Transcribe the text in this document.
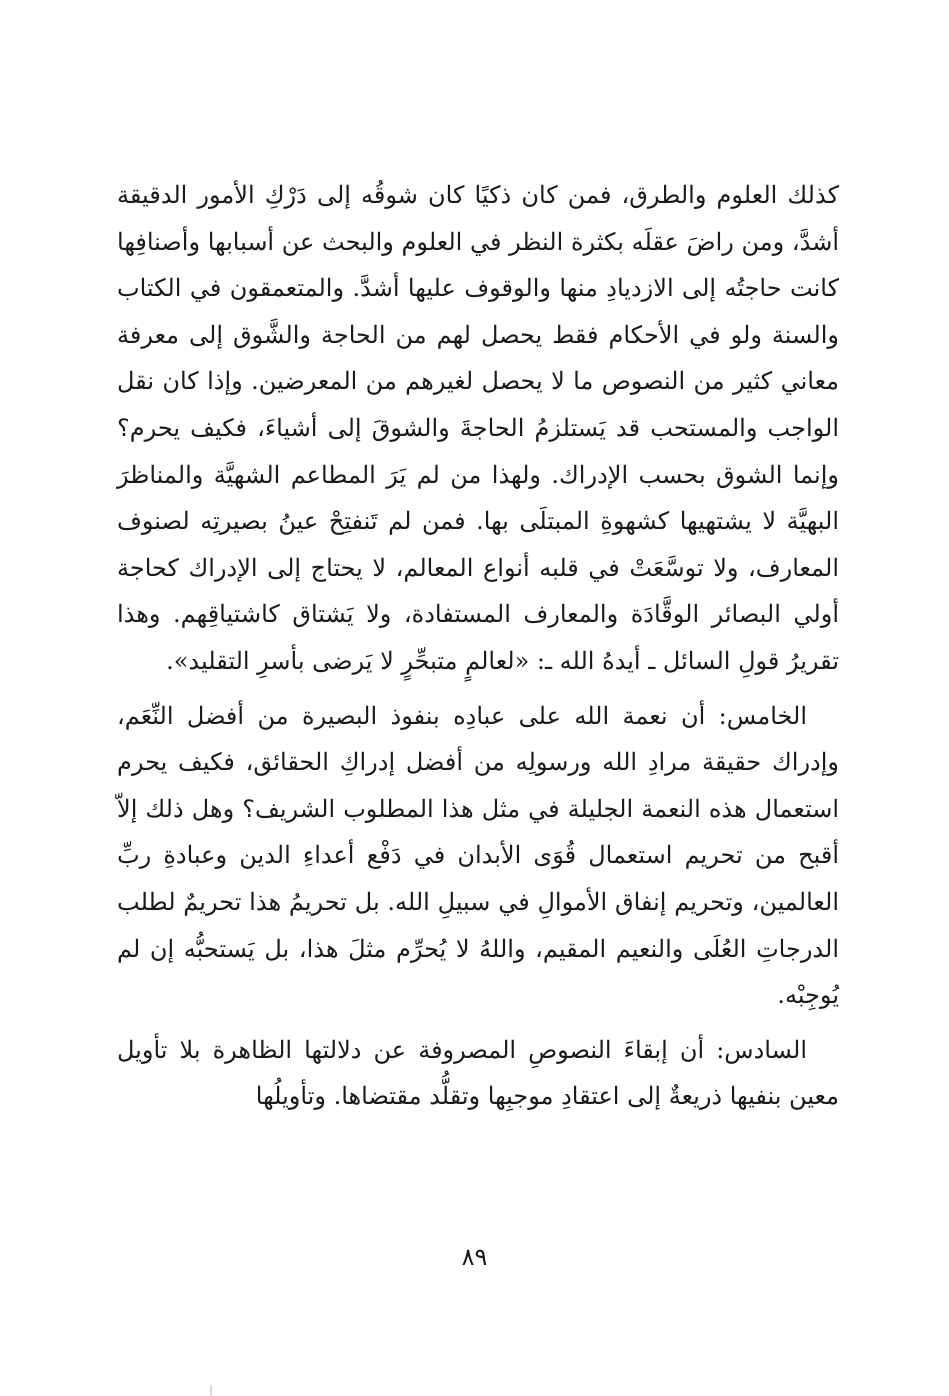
كذلك العلوم والطرق، فمن كان ذكيًا كان شوقُه إلى دَرْكِ الأمور الدقيقة أشدَّ، ومن راضَ عقلَه بكثرة النظر في العلوم والبحث عن أسبابها وأصنافِها كانت حاجتُه إلى الازديادِ منها والوقوف عليها أشدَّ. والمتعمقون في الكتاب والسنة ولو في الأحكام فقط يحصل لهم من الحاجة والشَّوق إلى معرفة معاني كثير من النصوص ما لا يحصل لغيرهم من المعرضين. وإذا كان نقل الواجب والمستحب قد يَستلزمُ الحاجةَ والشوقَ إلى أشياءَ، فكيف يحرم؟ وإنما الشوق بحسب الإدراك. ولهذا من لم يَرَ المطاعم الشهيَّة والمناظرَ البهيَّة لا يشتهيها كشهوةِ المبتلَى بها. فمن لم تَنفتِحْ عينُ بصيرتِه لصنوف المعارف، ولا توسَّعَتْ في قلبه أنواع المعالم، لا يحتاج إلى الإدراك كحاجة أولي البصائر الوقَّادَة والمعارف المستفادة، ولا يَشتاق كاشتياقِهم. وهذا تقريرُ قولِ السائل ـ أيدهُ الله ـ: «لعالمٍ متبحِّرٍ لا يَرضى بأسرِ التقليد».

الخامس: أن نعمة الله على عبادِه بنفوذ البصيرة من أفضل النِّعَم، وإدراك حقيقة مرادِ الله ورسولِه من أفضل إدراكِ الحقائق، فكيف يحرم استعمال هذه النعمة الجليلة في مثل هذا المطلوب الشريف؟ وهل ذلك إلاّ أقبح من تحريم استعمال قُوَى الأبدان في دَفْع أعداءِ الدين وعبادةِ ربِّ العالمين، وتحريم إنفاق الأموالِ في سبيلِ الله. بل تحريمُ هذا تحريمٌ لطلب الدرجاتِ العُلَى والنعيم المقيم، واللهُ لا يُحرِّم مثلَ هذا، بل يَستحبُّه إن لم يُوجِبْه.

السادس: أن إبقاءَ النصوصِ المصروفة عن دلالتها الظاهرة بلا تأويل معين بنفيها ذريعةٌ إلى اعتقادِ موجبِها وتقلُّد مقتضاها. وتأويلُها

٨٩
